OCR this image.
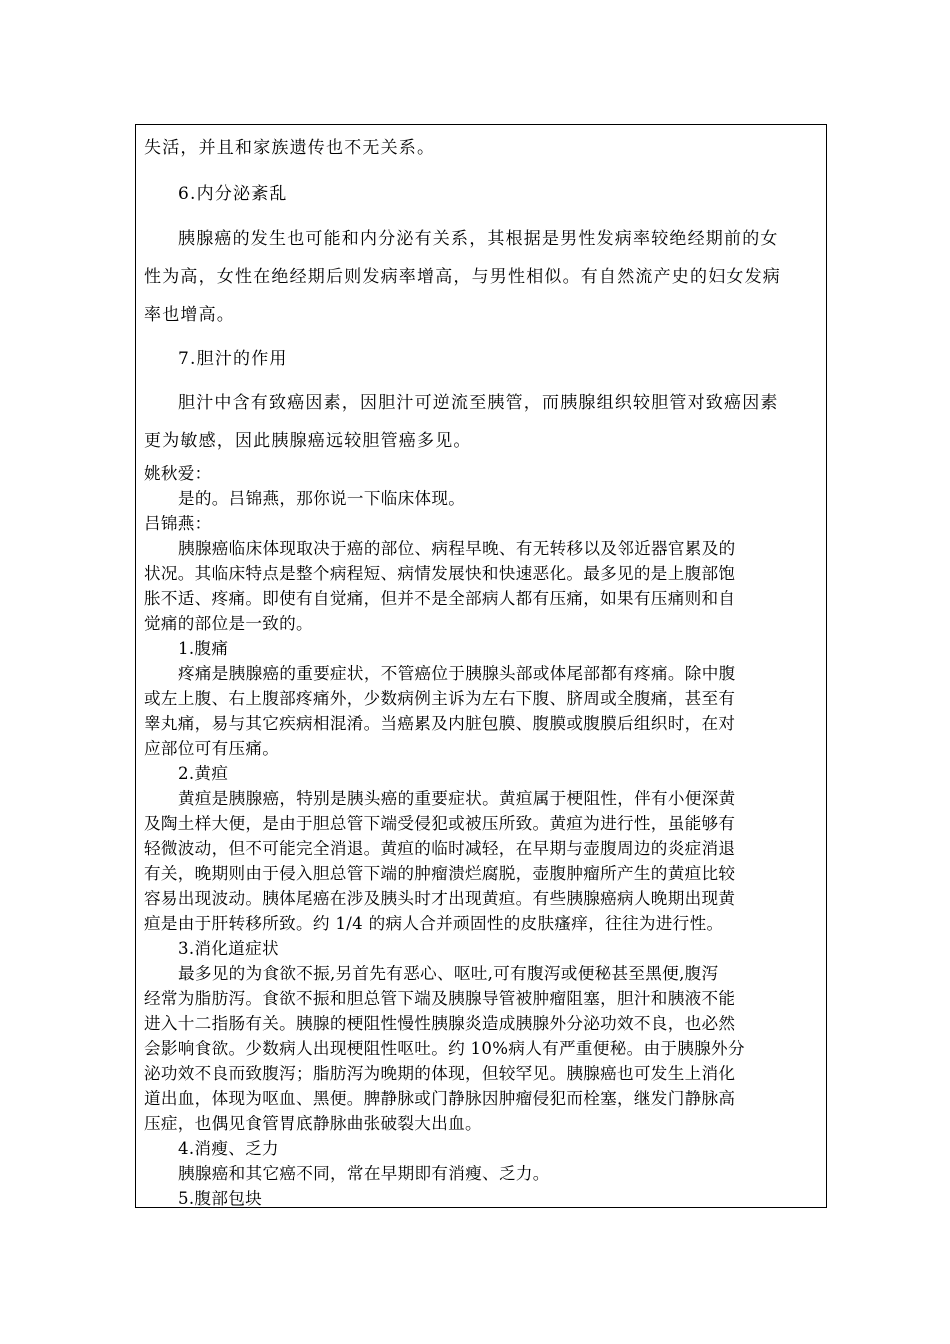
失活，并且和家族遗传也不无关系。
6.内分泌紊乱
胰腺癌的发生也可能和内分泌有关系，其根据是男性发病率较绝经期前的女
性为高，女性在绝经期后则发病率增高，与男性相似。有自然流产史的妇女发病
率也增高。
7.胆汁的作用
胆汁中含有致癌因素，因胆汁可逆流至胰管，而胰腺组织较胆管对致癌因素
更为敏感，因此胰腺癌远较胆管癌多见。
姚秋爱：
是的。吕锦燕，那你说一下临床体现。
吕锦燕：
胰腺癌临床体现取决于癌的部位、病程早晚、有无转移以及邻近器官累及的
状况。其临床特点是整个病程短、病情发展快和快速恶化。最多见的是上腹部饱
胀不适、疼痛。即使有自觉痛，但并不是全部病人都有压痛，如果有压痛则和自
觉痛的部位是一致的。
1.腹痛
疼痛是胰腺癌的重要症状，不管癌位于胰腺头部或体尾部都有疼痛。除中腹
或左上腹、右上腹部疼痛外，少数病例主诉为左右下腹、脐周或全腹痛，甚至有
睾丸痛，易与其它疾病相混淆。当癌累及内脏包膜、腹膜或腹膜后组织时，在对
应部位可有压痛。
2.黄疸
黄疸是胰腺癌，特别是胰头癌的重要症状。黄疸属于梗阻性，伴有小便深黄
及陶土样大便，是由于胆总管下端受侵犯或被压所致。黄疸为进行性，虽能够有
轻微波动，但不可能完全消退。黄疸的临时减轻，在早期与壶腹周边的炎症消退
有关，晚期则由于侵入胆总管下端的肿瘤溃烂腐脱，壶腹肿瘤所产生的黄疸比较
容易出现波动。胰体尾癌在涉及胰头时才出现黄疸。有些胰腺癌病人晚期出现黄
疸是由于肝转移所致。约 1/4 的病人合并顽固性的皮肤瘙痒，往往为进行性。
3.消化道症状
最多见的为食欲不振,另首先有恶心、呕吐,可有腹泻或便秘甚至黑便,腹泻
经常为脂肪泻。食欲不振和胆总管下端及胰腺导管被肿瘤阻塞，胆汁和胰液不能
进入十二指肠有关。胰腺的梗阻性慢性胰腺炎造成胰腺外分泌功效不良，也必然
会影响食欲。少数病人出现梗阻性呕吐。约 10%病人有严重便秘。由于胰腺外分
泌功效不良而致腹泻；脂肪泻为晚期的体现，但较罕见。胰腺癌也可发生上消化
道出血，体现为呕血、黑便。脾静脉或门静脉因肿瘤侵犯而栓塞，继发门静脉高
压症，也偶见食管胃底静脉曲张破裂大出血。
4.消瘦、乏力
胰腺癌和其它癌不同，常在早期即有消瘦、乏力。
5.腹部包块
